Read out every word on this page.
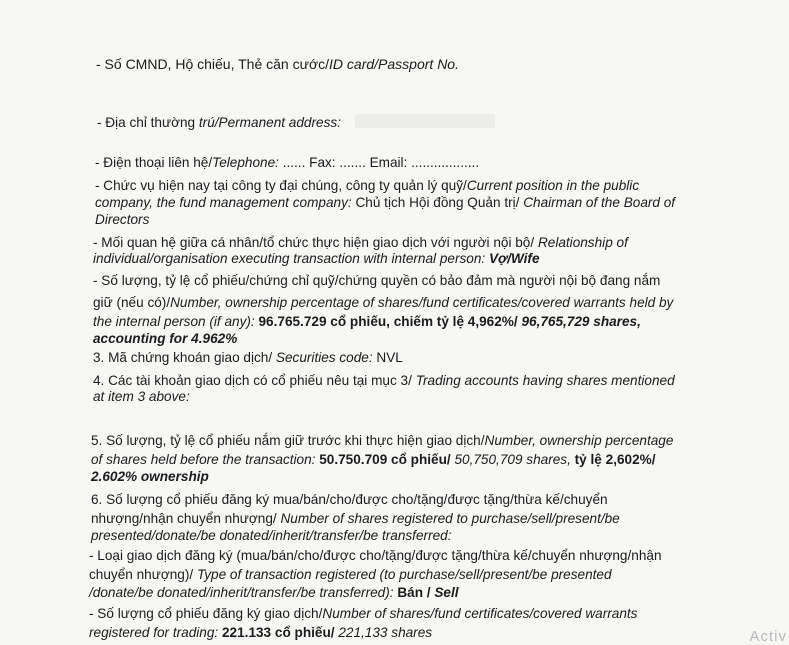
- Số CMND, Hộ chiếu, Thẻ căn cước/ID card/Passport No.
- Địa chỉ thường trú/Permanent address:
- Điện thoại liên hệ/Telephone: ...... Fax: ....... Email: ..................
- Chức vụ hiện nay tại công ty đại chúng, công ty quản lý quỹ/Current position in the public
company, the fund management company: Chủ tịch Hội đồng Quản trị/ Chairman of the Board of
Directors
- Mối quan hệ giữa cá nhân/tổ chức thực hiện giao dịch với người nội bộ/ Relationship of
individual/organisation executing transaction with internal person: Vợ/Wife
- Số lượng, tỷ lệ cổ phiếu/chứng chỉ quỹ/chứng quyền có bảo đảm mà người nội bộ đang nắm
giữ (nếu có)/Number, ownership percentage of shares/fund certificates/covered warrants held by
the internal person (if any): 96.765.729 cổ phiếu, chiếm tỷ lệ 4,962%/ 96,765,729 shares,
accounting for 4.962%
3. Mã chứng khoán giao dịch/ Securities code: NVL
4. Các tài khoản giao dịch có cổ phiếu nêu tại mục 3/ Trading accounts having shares mentioned
at item 3 above:
5. Số lượng, tỷ lệ cổ phiếu nắm giữ trước khi thực hiện giao dịch/Number, ownership percentage
of shares held before the transaction: 50.750.709 cổ phiếu/ 50,750,709 shares, tỷ lệ 2,602%/
2.602% ownership
6. Số lượng cổ phiếu đăng ký mua/bán/cho/được cho/tặng/được tặng/thừa kế/chuyển
nhượng/nhận chuyển nhượng/ Number of shares registered to purchase/sell/present/be
presented/donate/be donated/inherit/transfer/be transferred:
- Loại giao dịch đăng ký (mua/bán/cho/được cho/tặng/được tặng/thừa kế/chuyển nhượng/nhận
chuyển nhượng)/ Type of transaction registered (to purchase/sell/present/be presented
/donate/be donated/inherit/transfer/be transferred): Bán / Sell
- Số lượng cổ phiếu đăng ký giao dịch/Number of shares/fund certificates/covered warrants
registered for trading: 221.133 cổ phiếu/ 221,133 shares	Activ
